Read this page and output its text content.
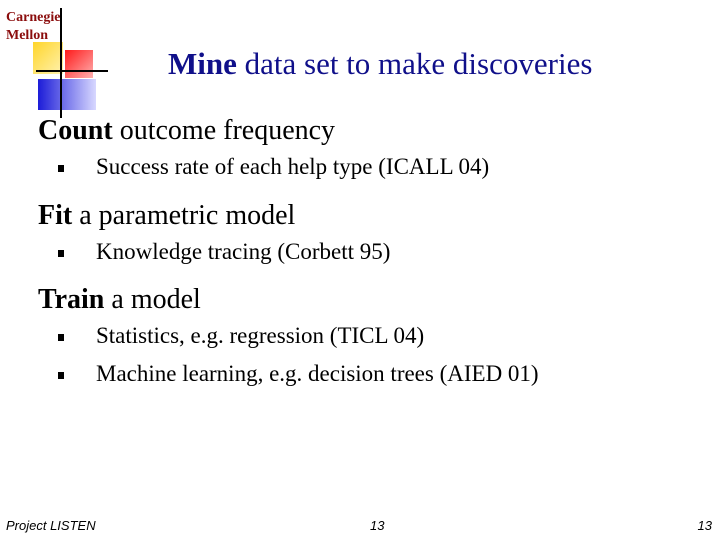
Carnegie
Mellon
Mine data set to make discoveries
Count outcome frequency
Success rate of each help type (ICALL 04)
Fit a parametric model
Knowledge tracing (Corbett 95)
Train a model
Statistics, e.g. regression (TICL 04)
Machine learning, e.g. decision trees (AIED 01)
Project LISTEN	13	13
